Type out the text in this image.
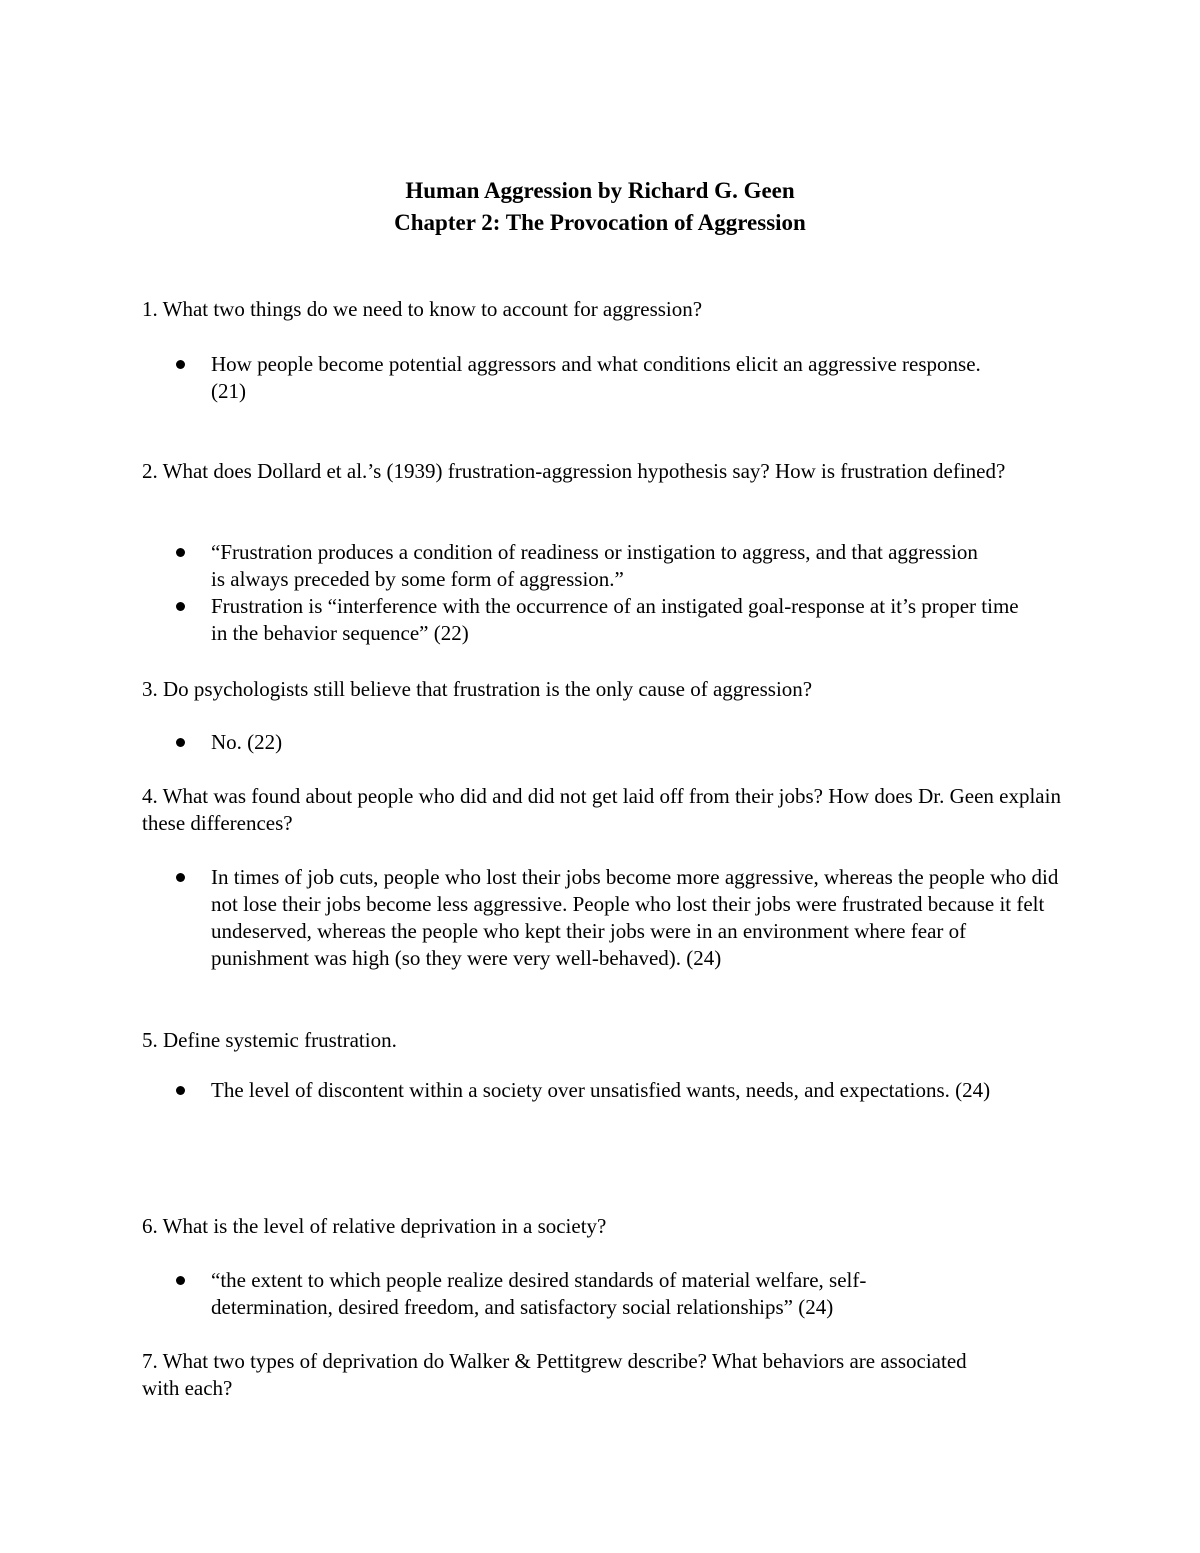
Human Aggression by Richard G. Geen
Chapter 2: The Provocation of Aggression

1. What two things do we need to know to account for aggression?

How people become potential aggressors and what conditions elicit an aggressive response. (21)

2. What does Dollard et al.’s (1939) frustration-aggression hypothesis say? How is frustration defined?

“Frustration produces a condition of readiness or instigation to aggress, and that aggression is always preceded by some form of aggression.”

Frustration is “interference with the occurrence of an instigated goal-response at it’s proper time in the behavior sequence” (22)

3. Do psychologists still believe that frustration is the only cause of aggression?

No. (22)

4. What was found about people who did and did not get laid off from their jobs? How does Dr. Geen explain these differences?

In times of job cuts, people who lost their jobs become more aggressive, whereas the people who did not lose their jobs become less aggressive. People who lost their jobs were frustrated because it felt undeserved, whereas the people who kept their jobs were in an environment where fear of punishment was high (so they were very well-behaved). (24)

5. Define systemic frustration.

The level of discontent within a society over unsatisfied wants, needs, and expectations. (24)

6. What is the level of relative deprivation in a society?

“the extent to which people realize desired standards of material welfare, self-determination, desired freedom, and satisfactory social relationships” (24)

7. What two types of deprivation do Walker & Pettitgrew describe? What behaviors are associated with each?
